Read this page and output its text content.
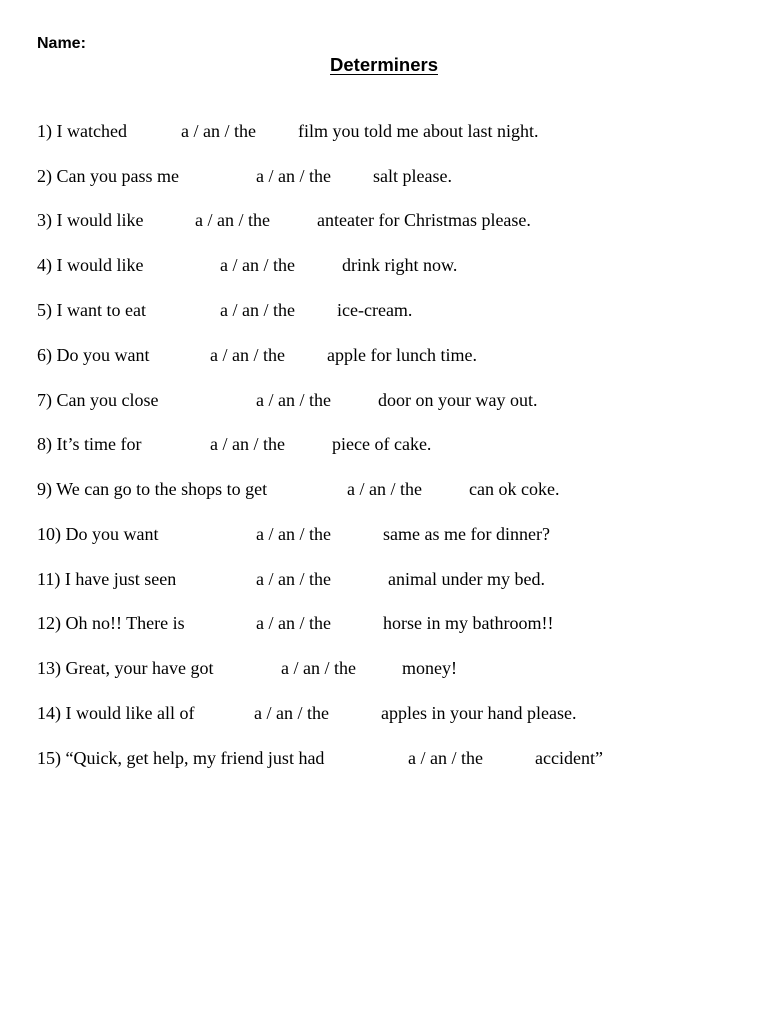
Name:
Determiners
1) I watched	a / an / the film you told me about last night.
2) Can you pass me	a / an / the salt please.
3) I would like	a / an / the	anteater for Christmas please.
4) I would like	a / an / the	drink right now.
5) I want to eat	a / an / the ice-cream.
6) Do you want	a / an / the apple for lunch time.
7) Can you close	a / an / the	door on your way out.
8) It’s time for	a / an / the	piece of cake.
9) We can go to the shops to get	a / an / the	can ok coke.
10) Do you want	a / an / the	same as me for dinner?
11) I have just seen	a / an / the	animal under my bed.
12) Oh no!! There is	a / an / the	horse in my bathroom!!
13) Great, your have got	a / an / the	money!
14) I would like all of	a / an / the	apples in your hand please.
15) “Quick, get help, my friend just had	a / an / the	accident”
